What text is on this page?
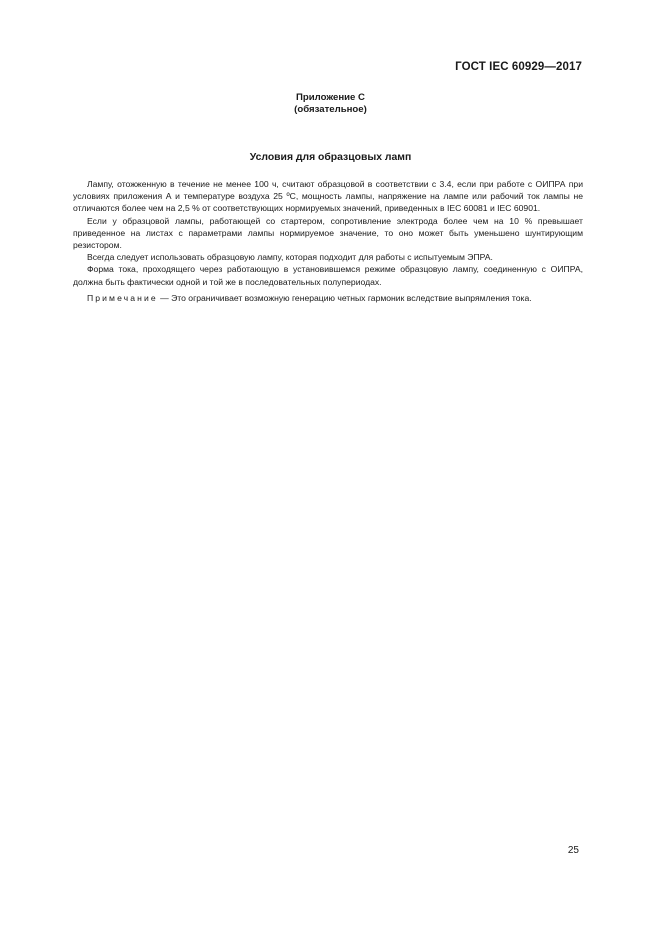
ГОСТ IEC 60929—2017
Приложение С
(обязательное)
Условия для образцовых ламп

Лампу, отожженную в течение не менее 100 ч, считают образцовой в соответствии с 3.4, если при работе с ОИПРА при условиях приложения А и температуре воздуха 25 ºС, мощность лампы, напряжение на лампе или рабочий ток лампы не отличаются более чем на 2,5 % от соответствующих нормируемых значений, приведенных в IEC 60081 и IEC 60901.

Если у образцовой лампы, работающей со стартером, сопротивление электрода более чем на 10 % превышает приведенное на листах с параметрами лампы нормируемое значение, то оно может быть уменьшено шунтирующим резистором.

Всегда следует использовать образцовую лампу, которая подходит для работы с испытуемым ЭПРА.

Форма тока, проходящего через работающую в установившемся режиме образцовую лампу, соединенную с ОИПРА, должна быть фактически одной и той же в последовательных полупериодах.

Примечание — Это ограничивает возможную генерацию четных гармоник вследствие выпрямления тока.

25
